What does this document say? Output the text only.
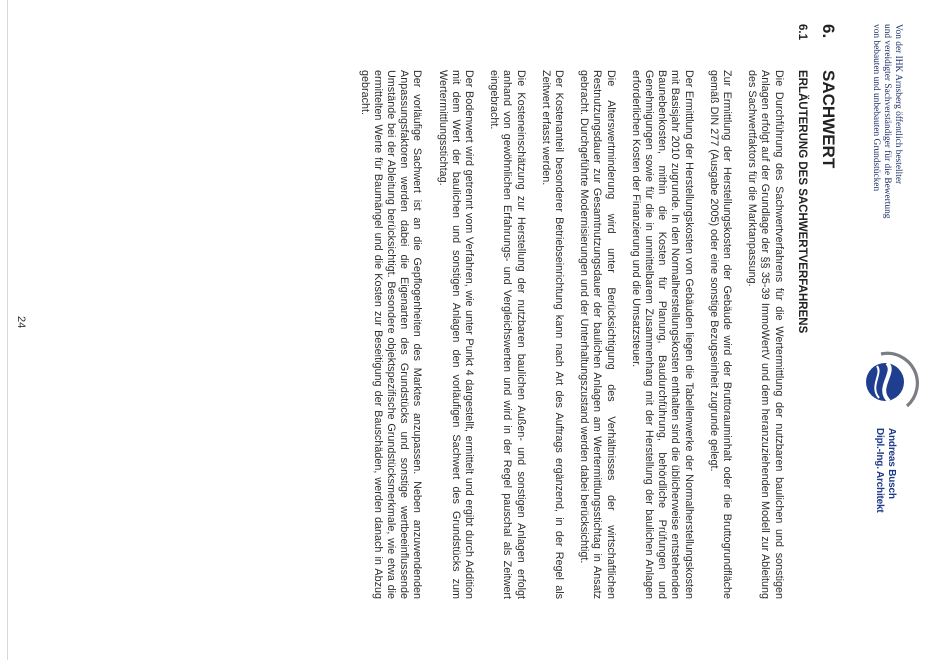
Von der IHK Arnsberg öffentlich bestellter
und vereidigter Sachverständiger für die Bewertung
von bebauten und unbebauten Grundstücken
Andreas Busch
Dipl.-Ing. Architekt
6.
SACHWERT
6.1
ERLÄUTERUNG DES SACHWERTVERFAHRENS

Die Durchführung des Sachwertverfahrens für die Wertermittlung der nutzbaren baulichen und sonstigen Anlagen erfolgt auf der Grundlage der §§ 35-39 ImmoWertV und dem heranzuziehenden Modell zur Ableitung des Sachwertfaktors für die Marktanpassung.

Zur Ermittlung der Herstellungskosten der Gebäude wird der Bruttorauminhalt oder die Bruttogrundfläche gemäß DIN 277 (Ausgabe 2005) oder eine sonstige Bezugseinheit zugrunde gelegt.

Der Ermittlung der Herstellungskosten von Gebäuden liegen die Tabellenwerke der Normalherstellungskosten mit Basisjahr 2010 zugrunde. In den Normalherstellungskosten enthalten sind die üblicherweise entstehenden Baunebenkosten, mithin die Kosten für Planung, Baudurchführung, behördliche Prüfungen und Genehmigungen sowie für die in unmittelbarem Zusammenhang mit der Herstellung der baulichen Anlagen erforderlichen Kosten der Finanzierung und die Umsatzsteuer.

Die Alterswertminderung wird unter Berücksichtigung des Verhältnisses der wirtschaftlichen Restnutzungsdauer zur Gesamtnutzungsdauer der baulichen Anlagen am Wertermittlungsstichtag in Ansatz gebracht. Durchgeführte Modernisierungen und der Unterhaltungszustand werden dabei berücksichtigt.

Der Kostenanteil besonderer Betriebseinrichtung kann nach Art des Auftrags ergänzend, in der Regel als Zeitwert erfasst werden.

Die Kosteneinschätzung zur Herstellung der nutzbaren baulichen Außen- und sonstigen Anlagen erfolgt anhand von gewöhnlichen Erfahrungs- und Vergleichswerten und wird in der Regel pauschal als Zeitwert eingebracht.

Der Bodenwert wird getrennt vom Verfahren, wie unter Punkt 4 dargestellt, ermittelt und ergibt durch Addition mit dem Wert der baulichen und sonstigen Anlagen den vorläufigen Sachwert des Grundstücks zum Wertermittlungsstichtag.

Der vorläufige Sachwert ist an die Gepflogenheiten des Marktes anzupassen. Neben anzuwendenden Anpassungsfaktoren werden dabei die Eigenarten des Grundstücks und sonstige wertbeeinflussende Umstände bei der Ableitung berücksichtigt. Besondere objektspezifische Grundstücksmerkmale, wie etwa die ermittelten Werte für Baumängel und die Kosten zur Beseitigung der Bauschäden, werden danach in Abzug gebracht.

24
